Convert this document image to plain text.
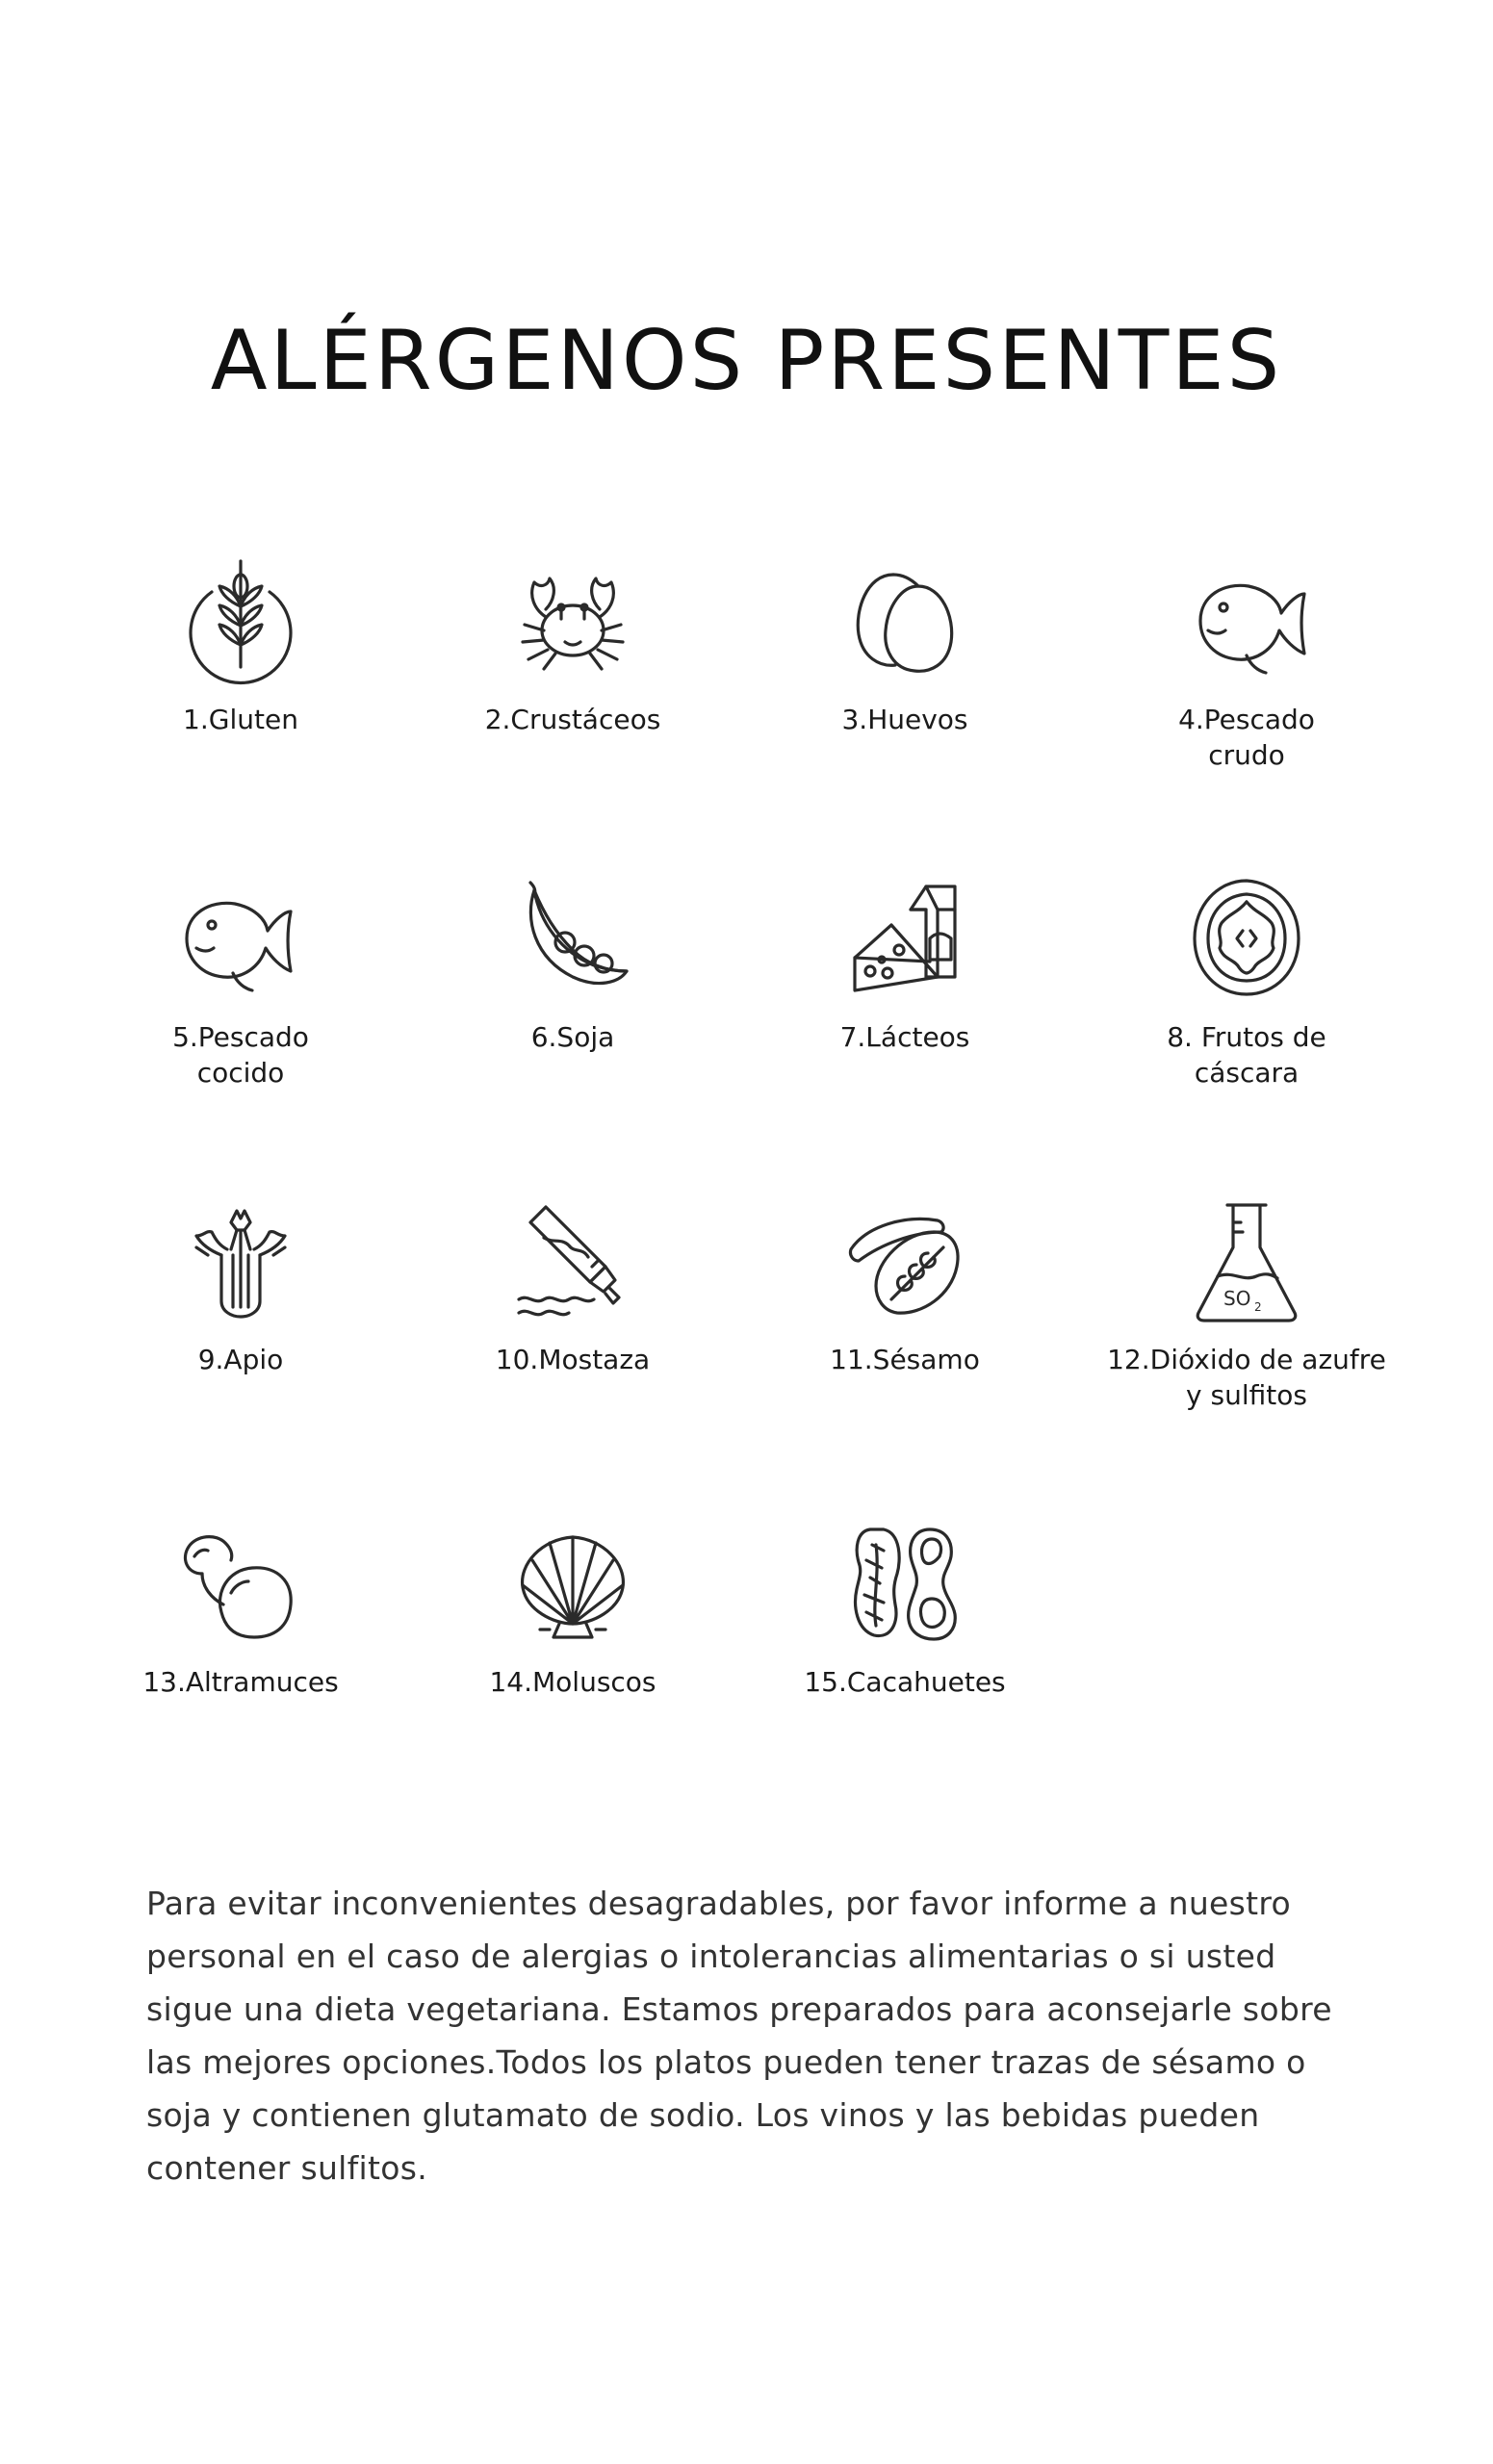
ALÉRGENOS PRESENTES
1.Gluten	2.Crustáceos	3.Huevos	4.Pescado
crudo
5.Pescado
cocido
6.Soja	7.Lácteos	8. Frutos de
cáscara
9.Apio	10.Mostaza	11.Sésamo
SO 2
12.Dióxido de azufre
y sulfitos
13.Altramuces	14.Moluscos	15.Cacahuetes

Para evitar inconvenientes desagradables, por favor informe a nuestro personal en el caso de alergias o intolerancias alimentarias o si usted sigue una dieta vegetariana. Estamos preparados para aconsejarle sobre las mejores opciones.Todos los platos pueden tener trazas de sésamo o soja y contienen glutamato de sodio. Los vinos y las bebidas pueden contener sulfitos.
